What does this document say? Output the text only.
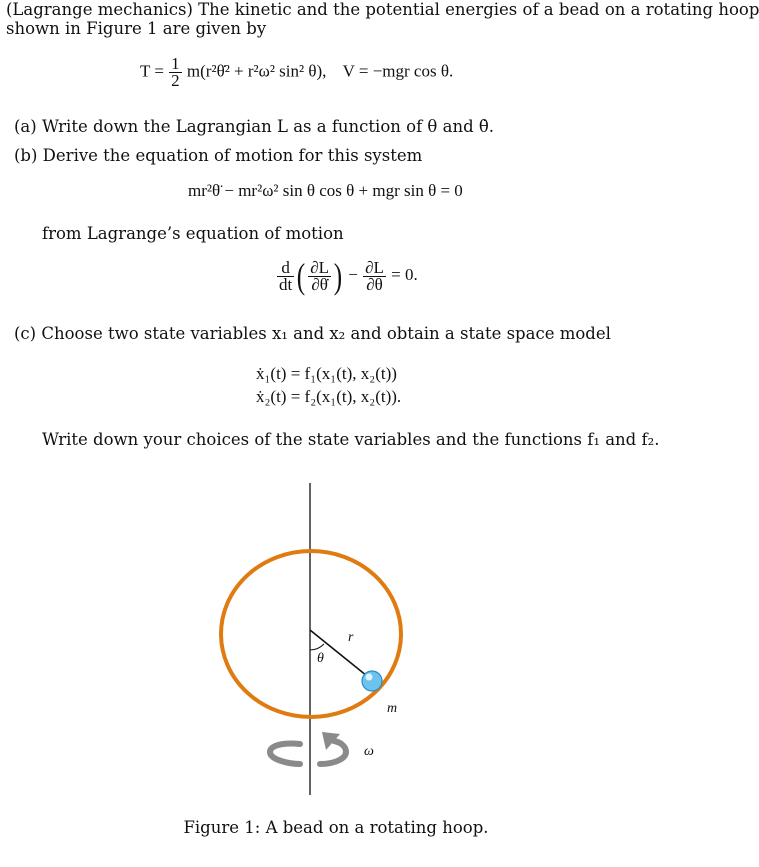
(Lagrange mechanics) The kinetic and the potential energies of a bead on a rotating hoop
shown in Figure 1 are given by
$T = \frac{1}{2}$ m(r²θ̇² + r²ω² sin² θ), V = −mgr cos θ.
(a) Write down the Lagrangian L as a function of θ and θ̇.
(b) Derive the equation of motion for this system
mr²θ̈ − mr²ω² sin θ cos θ + mgr sin θ = 0
from Lagrange’s equation of motion
$\frac{d}{dt}$ ( $\frac{\partial L}{\partial\thetȧ}$ ) − $\frac{\partial L}{\partial\theta} = 0$.
(c) Choose two state variables x₁ and x₂ and obtain a state space model
ẋ₁(t) = f₁(x₁(t), x₂(t))
ẋ₂(t) = f₂(x₁(t), x₂(t)).
Write down your choices of the state variables and the functions f₁ and f₂.
r
θ
m
ω
Figure 1: A bead on a rotating hoop.
